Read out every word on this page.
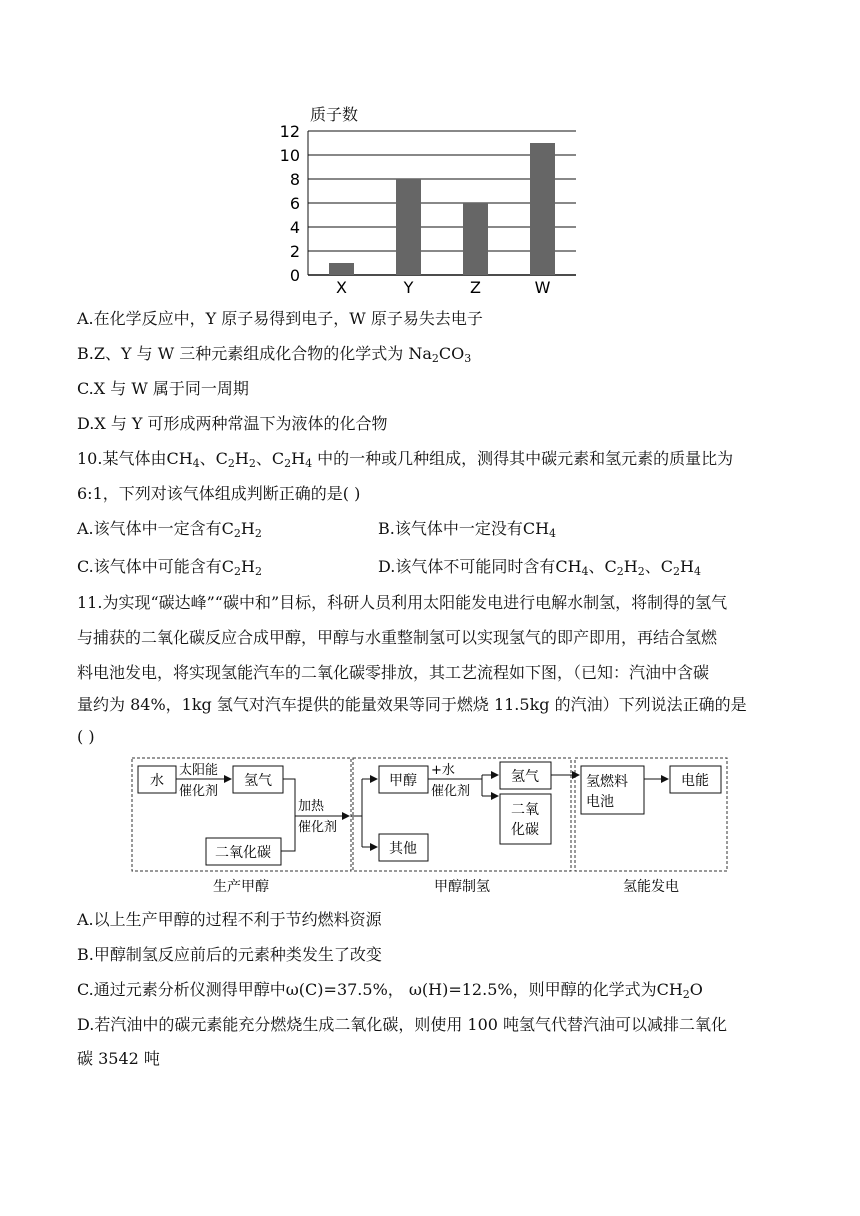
质子数
0
2
4
6
8
10
12
X	Y	Z	W
A.在化学反应中，Y 原子易得到电子，W 原子易失去电子
B.Z、Y 与 W 三种元素组成化合物的化学式为 $Na_2CO_3$
C.X 与 W 属于同一周期
D.X 与 Y 可形成两种常温下为液体的化合物
10.某气体由$CH_4$、$C_2H_2$、$C_2H_4$ 中的一种或几种组成，测得其中碳元素和氢元素的质量比为
6:1，下列对该气体组成判断正确的是( )
A.该气体中一定含有$C_2H_2$	B.该气体中一定没有$CH_4$
C.该气体中可能含有$C_2H_2$	D.该气体不可能同时含有$CH_4$、$C_2H_2$、$C_2H_4$
11.为实现“碳达峰”“碳中和”目标，科研人员利用太阳能发电进行电解水制氢，将制得的氢气
与捕获的二氧化碳反应合成甲醇，甲醇与水重整制氢可以实现氢气的即产即用，再结合氢燃
料电池发电，将实现氢能汽车的二氧化碳零排放，其工艺流程如下图，（已知：汽油中含碳
量约为 84%，1kg 氢气对汽车提供的能量效果等同于燃烧 11.5kg 的汽油）下列说法正确的是
( )
水	氢气
二氧化碳
甲醇
其他
氢气
二氧
化碳
氢燃料
电池
电能
太阳能
催化剂
加热
催化剂
+水
催化剂
生产甲醇	甲醇制氢	氢能发电
A.以上生产甲醇的过程不利于节约燃料资源
B.甲醇制氢反应前后的元素种类发生了改变
C.通过元素分析仪测得甲醇中ω(C)=37.5%， ω(H)=12.5%，则甲醇的化学式为$CH_2O$
D.若汽油中的碳元素能充分燃烧生成二氧化碳，则使用 100 吨氢气代替汽油可以减排二氧化
碳 3542 吨
